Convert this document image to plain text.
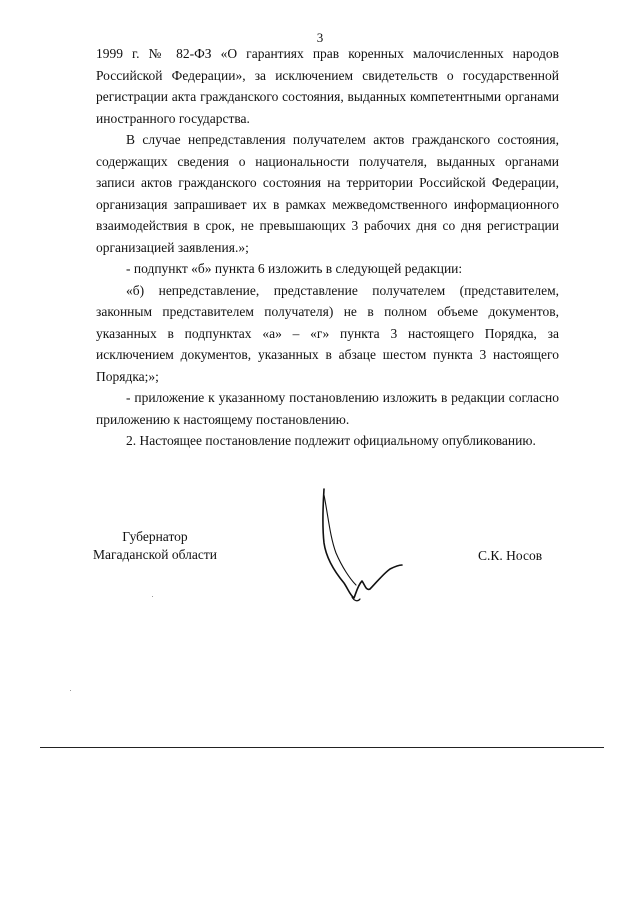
3

1999 г. № 82-ФЗ «О гарантиях прав коренных малочисленных народов Российской Федерации», за исключением свидетельств о государственной регистрации акта гражданского состояния, выданных компетентными органами иностранного государства.

В случае непредставления получателем актов гражданского состояния, содержащих сведения о национальности получателя, выданных органами записи актов гражданского состояния на территории Российской Федерации, организация запрашивает их в рамках межведомственного информационного взаимодействия в срок, не превышающих 3 рабочих дня со дня регистрации организацией заявления.»;

- подпункт «б» пункта 6 изложить в следующей редакции:

«б) непредставление, представление получателем (представителем, законным представителем получателя) не в полном объеме документов, указанных в подпунктах «а» – «г» пункта 3 настоящего Порядка, за исключением документов, указанных в абзаце шестом пункта 3 настоящего Порядка;»;

- приложение к указанному постановлению изложить в редакции согласно приложению к настоящему постановлению.

2. Настоящее постановление подлежит официальному опубликованию.

Губернатор
Магаданской области	С.К. Носов
